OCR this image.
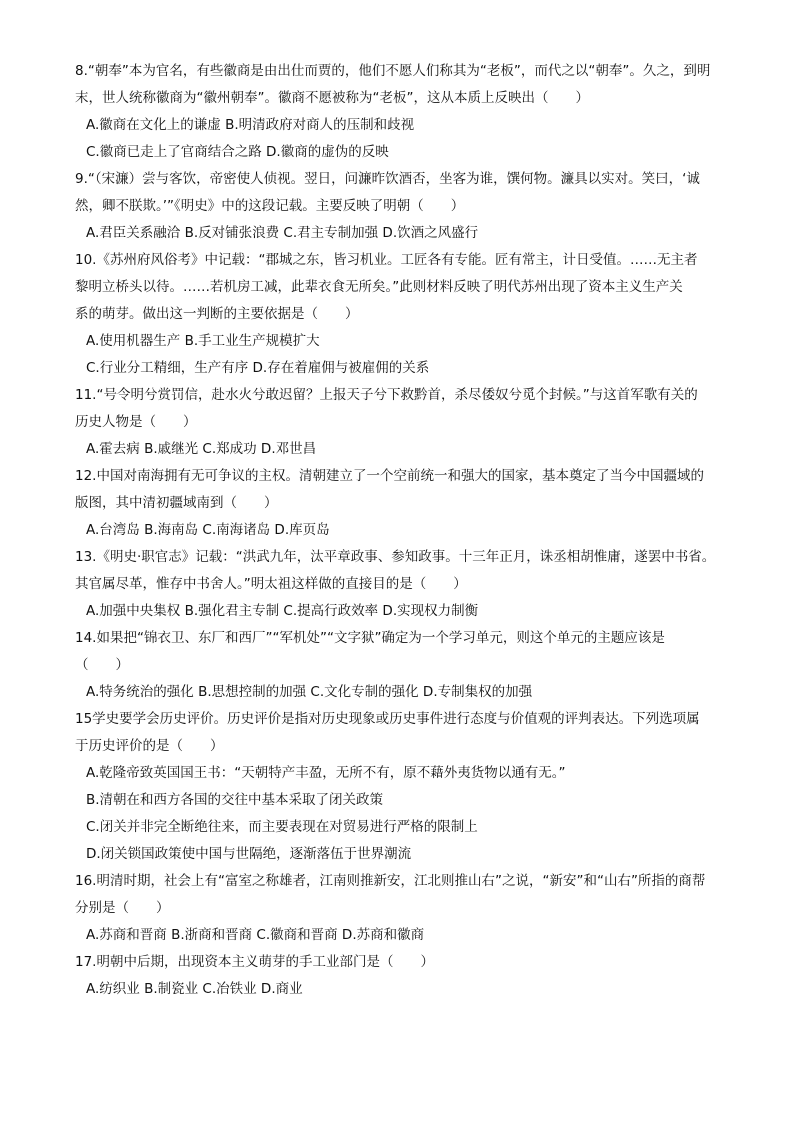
8.“朝奉”本为官名，有些徽商是由出仕而贾的，他们不愿人们称其为“老板”，而代之以“朝奉”。久之，到明
末，世人统称徽商为“徽州朝奉”。徽商不愿被称为“老板”，这从本质上反映出（　　）
A.徽商在文化上的谦虚 B.明清政府对商人的压制和歧视
C.徽商已走上了官商结合之路 D.徽商的虚伪的反映
9.“（宋濂）尝与客饮，帝密使人侦视。翌日，问濂昨饮酒否，坐客为谁，馔何物。濂具以实对。笑曰，‘诚
然，卿不朕欺。’”《明史》中的这段记载。主要反映了明朝（　　）
A.君臣关系融洽 B.反对铺张浪费 C.君主专制加强 D.饮酒之风盛行
10.《苏州府风俗考》中记载：“郡城之东，皆习机业。工匠各有专能。匠有常主，计日受值。……无主者
黎明立桥头以待。……若机房工减，此辈衣食无所矣。”此则材料反映了明代苏州出现了资本主义生产关
系的萌芽。做出这一判断的主要依据是（　　）
A.使用机器生产 B.手工业生产规模扩大
C.行业分工精细，生产有序 D.存在着雇佣与被雇佣的关系
11.“号令明兮赏罚信，赴水火兮敢迟留？上报天子兮下救黔首，杀尽倭奴兮觅个封候。”与这首军歌有关的
历史人物是（　　）
A.霍去病 B.戚继光 C.郑成功 D.邓世昌
12.中国对南海拥有无可争议的主权。清朝建立了一个空前统一和强大的国家，基本奠定了当今中国疆域的
版图，其中清初疆域南到（　　）
A.台湾岛 B.海南岛 C.南海诸岛 D.库页岛
13.《明史·职官志》记载：“洪武九年，汰平章政事、参知政事。十三年正月，诛丞相胡惟庸，遂罢中书省。
其官属尽革，惟存中书舍人。”明太祖这样做的直接目的是（　　）
A.加强中央集权 B.强化君主专制 C.提高行政效率 D.实现权力制衡
14.如果把“锦衣卫、东厂和西厂”“军机处”“文字狱”确定为一个学习单元，则这个单元的主题应该是
（　　）
A.特务统治的强化 B.思想控制的加强 C.文化专制的强化 D.专制集权的加强
15学史要学会历史评价。历史评价是指对历史现象或历史事件进行态度与价值观的评判表达。下列选项属
于历史评价的是（　　）
A.乾隆帝致英国国王书：“天朝特产丰盈，无所不有，原不藉外夷货物以通有无。”
B.清朝在和西方各国的交往中基本采取了闭关政策
C.闭关并非完全断绝往来，而主要表现在对贸易进行严格的限制上
D.闭关锁国政策使中国与世隔绝，逐渐落伍于世界潮流
16.明清时期，社会上有“富室之称雄者，江南则推新安，江北则推山右”之说，“新安”和“山右”所指的商帮
分别是（　　）
A.苏商和晋商 B.浙商和晋商 C.徽商和晋商 D.苏商和徽商
17.明朝中后期，出现资本主义萌芽的手工业部门是（　　）
A.纺织业 B.制瓷业 C.冶铁业 D.商业
